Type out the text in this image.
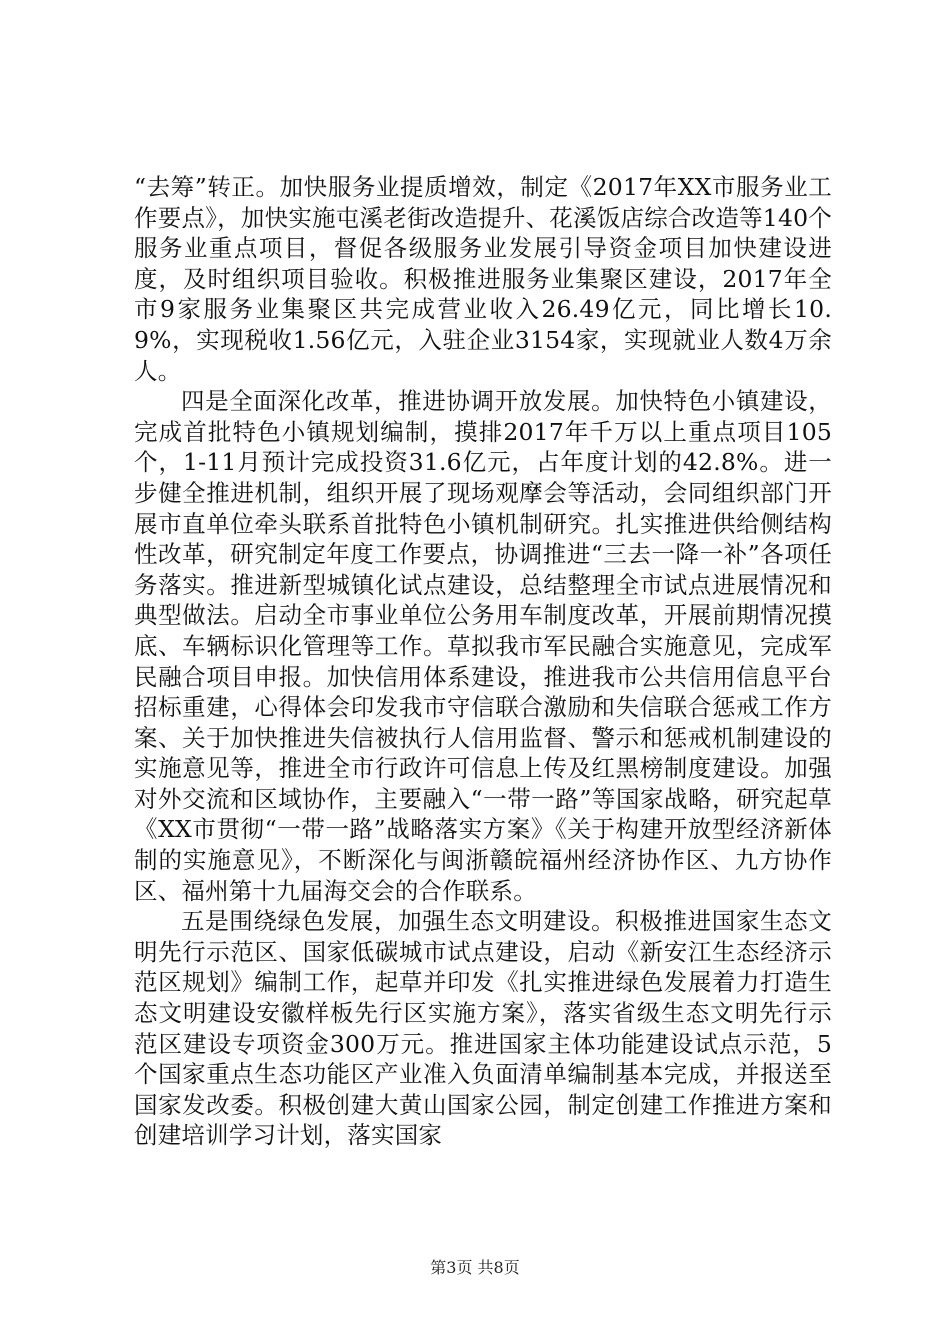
“去筹”转正。加快服务业提质增效，制定《2017年XX市服务业工作要点》，加快实施屯溪老街改造提升、花溪饭店综合改造等140个服务业重点项目，督促各级服务业发展引导资金项目加快建设进度，及时组织项目验收。积极推进服务业集聚区建设，2017年全市9家服务业集聚区共完成营业收入26.49亿元，同比增长10.9%，实现税收1.56亿元，入驻企业3154家，实现就业人数4万余人。

四是全面深化改革，推进协调开放发展。加快特色小镇建设，完成首批特色小镇规划编制，摸排2017年千万以上重点项目105个，1-11月预计完成投资31.6亿元，占年度计划的42.8%。进一步健全推进机制，组织开展了现场观摩会等活动，会同组织部门开展市直单位牵头联系首批特色小镇机制研究。扎实推进供给侧结构性改革，研究制定年度工作要点，协调推进“三去一降一补”各项任务落实。推进新型城镇化试点建设，总结整理全市试点进展情况和典型做法。启动全市事业单位公务用车制度改革，开展前期情况摸底、车辆标识化管理等工作。草拟我市军民融合实施意见，完成军民融合项目申报。加快信用体系建设，推进我市公共信用信息平台招标重建，心得体会印发我市守信联合激励和失信联合惩戒工作方案、关于加快推进失信被执行人信用监督、警示和惩戒机制建设的实施意见等，推进全市行政许可信息上传及红黑榜制度建设。加强对外交流和区域协作，主要融入“一带一路”等国家战略，研究起草《XX市贯彻“一带一路”战略落实方案》《关于构建开放型经济新体制的实施意见》，不断深化与闽浙赣皖福州经济协作区、九方协作区、福州第十九届海交会的合作联系。

五是围绕绿色发展，加强生态文明建设。积极推进国家生态文明先行示范区、国家低碳城市试点建设，启动《新安江生态经济示范区规划》编制工作，起草并印发《扎实推进绿色发展着力打造生态文明建设安徽样板先行区实施方案》，落实省级生态文明先行示范区建设专项资金300万元。推进国家主体功能建设试点示范，5个国家重点生态功能区产业准入负面清单编制基本完成，并报送至国家发改委。积极创建大黄山国家公园，制定创建工作推进方案和创建培训学习计划，落实国家

第3页 共8页
